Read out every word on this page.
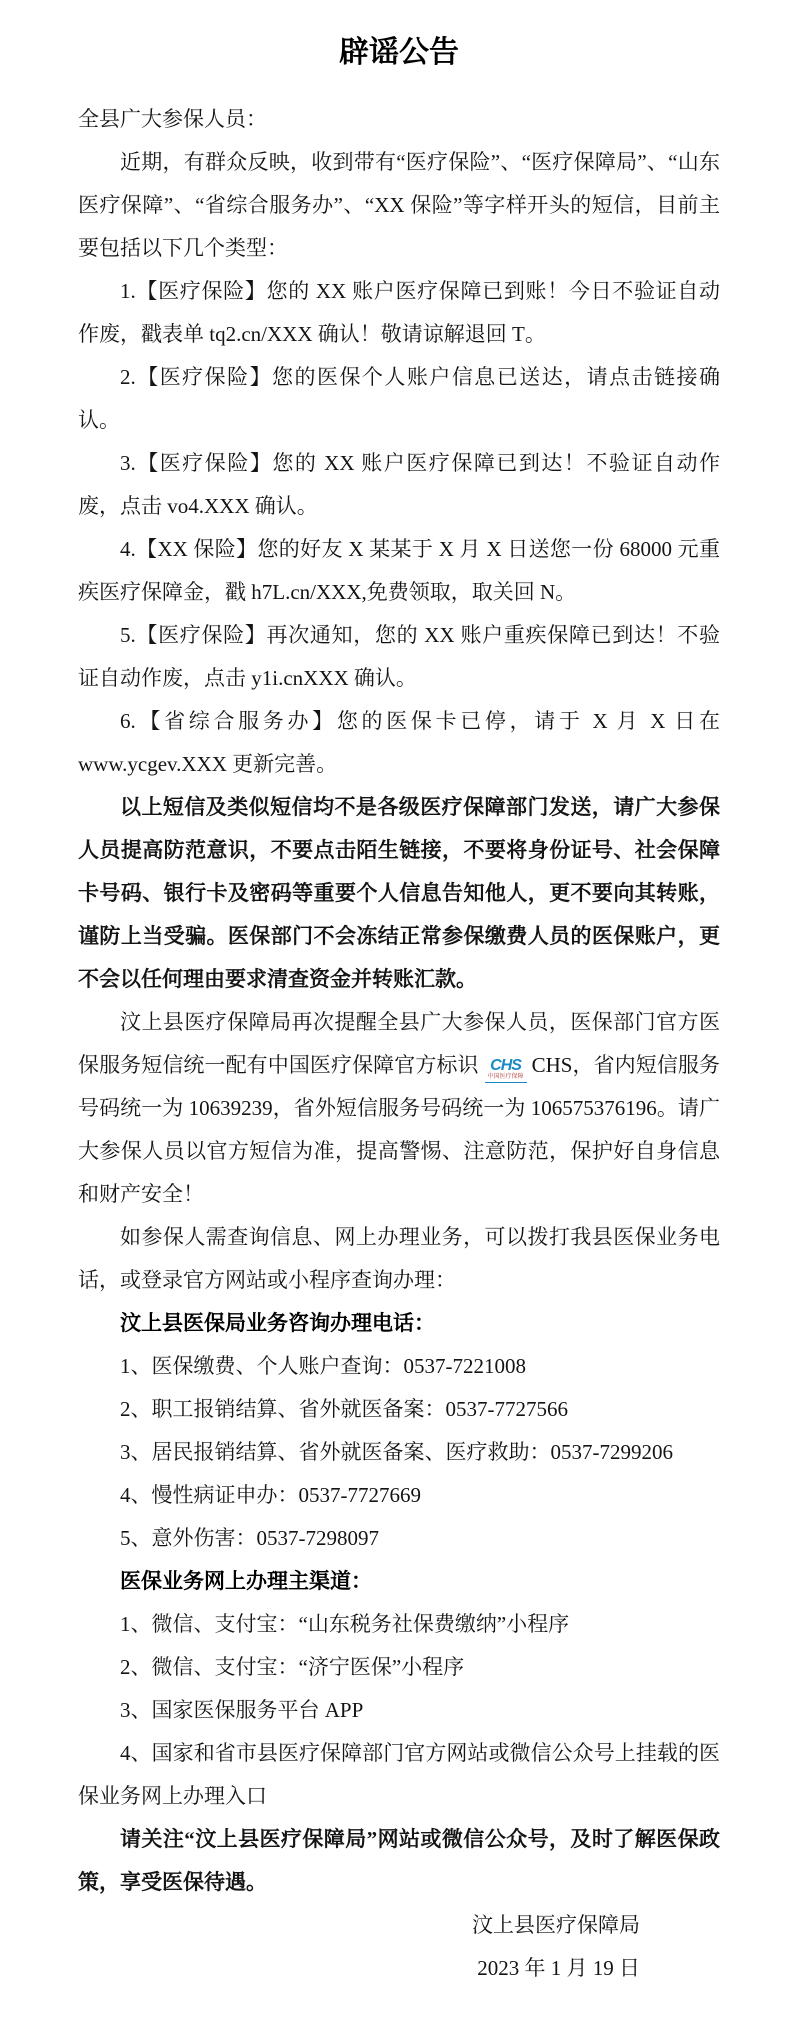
辟谣公告

全县广大参保人员：

近期，有群众反映，收到带有“医疗保险”、“医疗保障局”、“山东医疗保障”、“省综合服务办”、“XX 保险”等字样开头的短信，目前主要包括以下几个类型：

1.【医疗保险】您的 XX 账户医疗保障已到账！今日不验证自动作废，戳表单 tq2.cn/XXX 确认！敬请谅解退回 T。

2.【医疗保险】您的医保个人账户信息已送达，请点击链接确认。

3.【医疗保险】您的 XX 账户医疗保障已到达！不验证自动作废，点击 vo4.XXX 确认。

4.【XX 保险】您的好友 X 某某于 X 月 X 日送您一份 68000 元重疾医疗保障金，戳 h7L.cn/XXX,免费领取，取关回 N。

5.【医疗保险】再次通知，您的 XX 账户重疾保障已到达！不验证自动作废，点击 y1i.cnXXX 确认。

6.【省综合服务办】您的医保卡已停，请于 X 月 X 日在 www.ycgev.XXX 更新完善。

以上短信及类似短信均不是各级医疗保障部门发送，请广大参保人员提高防范意识，不要点击陌生链接，不要将身份证号、社会保障卡号码、银行卡及密码等重要个人信息告知他人，更不要向其转账，谨防上当受骗。医保部门不会冻结正常参保缴费人员的医保账户，更不会以任何理由要求清查资金并转账汇款。

汶上县医疗保障局再次提醒全县广大参保人员，医保部门官方医保服务短信统一配有中国医疗保障官方标识 CHS
中国医疗保障 CHS，省内短信服务号码统一为 10639239，省外短信服务号码统一为 106575376196。请广大参保人员以官方短信为准，提高警惕、注意防范，保护好自身信息和财产安全！

如参保人需查询信息、网上办理业务，可以拨打我县医保业务电话，或登录官方网站或小程序查询办理：

汶上县医保局业务咨询办理电话：

1、医保缴费、个人账户查询：0537-7221008

2、职工报销结算、省外就医备案：0537-7727566

3、居民报销结算、省外就医备案、医疗救助：0537-7299206

4、慢性病证申办：0537-7727669

5、意外伤害：0537-7298097

医保业务网上办理主渠道：

1、微信、支付宝：“山东税务社保费缴纳”小程序

2、微信、支付宝：“济宁医保”小程序

3、国家医保服务平台 APP

4、国家和省市县医疗保障部门官方网站或微信公众号上挂载的医保业务网上办理入口

请关注“汶上县医疗保障局”网站或微信公众号，及时了解医保政策，享受医保待遇。

汶上县医疗保障局

2023 年 1 月 19 日
